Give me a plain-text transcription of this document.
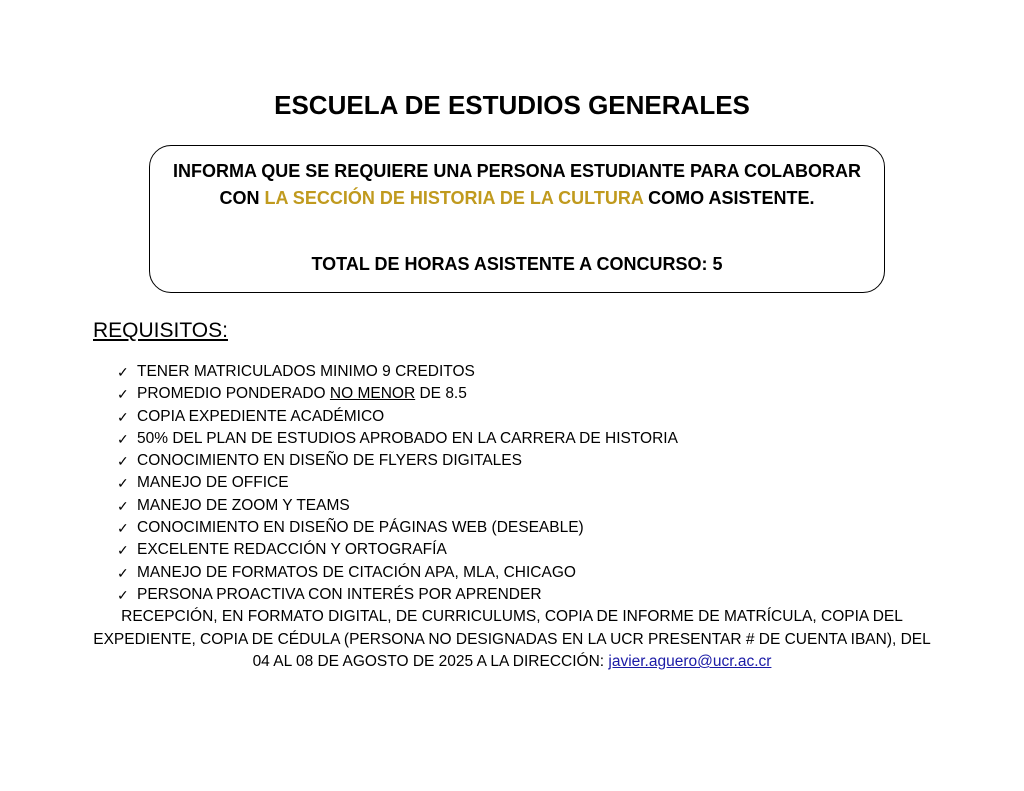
ESCUELA DE ESTUDIOS GENERALES
INFORMA QUE SE REQUIERE UNA PERSONA ESTUDIANTE PARA COLABORAR CON LA SECCIÓN DE HISTORIA DE LA CULTURA COMO ASISTENTE.
TOTAL DE HORAS ASISTENTE A CONCURSO: 5
REQUISITOS:
✓ TENER MATRICULADOS MINIMO 9 CREDITOS
✓ PROMEDIO PONDERADO NO MENOR DE 8.5
✓ COPIA EXPEDIENTE ACADÉMICO
✓ 50% DEL PLAN DE ESTUDIOS APROBADO EN LA CARRERA DE HISTORIA
✓ CONOCIMIENTO EN DISEÑO DE FLYERS DIGITALES
✓ MANEJO DE OFFICE
✓ MANEJO DE ZOOM Y TEAMS
✓ CONOCIMIENTO EN DISEÑO DE PÁGINAS WEB (DESEABLE)
✓ EXCELENTE REDACCIÓN Y ORTOGRAFÍA
✓ MANEJO DE FORMATOS DE CITACIÓN APA, MLA, CHICAGO
✓ PERSONA PROACTIVA CON INTERÉS POR APRENDER

RECEPCIÓN, EN FORMATO DIGITAL, DE CURRICULUMS, COPIA DE INFORME DE MATRÍCULA, COPIA DEL EXPEDIENTE, COPIA DE CÉDULA (PERSONA NO DESIGNADAS EN LA UCR PRESENTAR # DE CUENTA IBAN), DEL 04 AL 08 DE AGOSTO DE 2025 A LA DIRECCIÓN: javier.aguero@ucr.ac.cr
